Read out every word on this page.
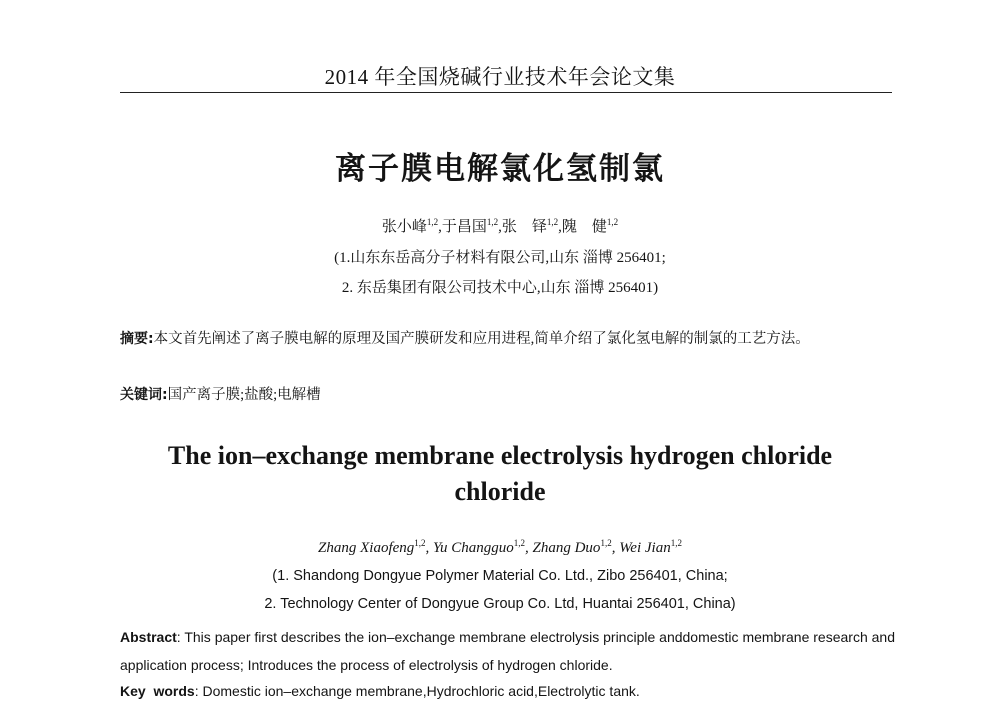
2014 年全国烧碱行业技术年会论文集
离子膜电解氯化氢制氯
张小峰$^{1,2}$,于昌国$^{1,2}$,张　铎$^{1,2}$,隗　健$^{1,2}$
(1.山东东岳高分子材料有限公司,山东 淄博 256401;
2. 东岳集团有限公司技术中心,山东 淄博 256401)
摘要:本文首先阐述了离子膜电解的原理及国产膜研发和应用进程,简单介绍了氯化氢电解的制氯的工艺方法。
关键词:国产离子膜;盐酸;电解槽
The ion–exchange membrane electrolysis hydrogen chloride
chloride
Zhang Xiaofeng$^{1,2}$, Yu Changguo$^{1,2}$, Zhang Duo$^{1,2}$, Wei Jian$^{1,2}$
(1. Shandong Dongyue Polymer Material Co. Ltd., Zibo 256401, China;
2. Technology Center of Dongyue Group Co. Ltd, Huantai 256401, China)
Abstract: This paper first describes the ion–exchange membrane electrolysis principle anddomestic membrane research and application process; Introduces the process of electrolysis of hydrogen chloride.
Key  words: Domestic ion–exchange membrane,Hydrochloric acid,Electrolytic tank.
